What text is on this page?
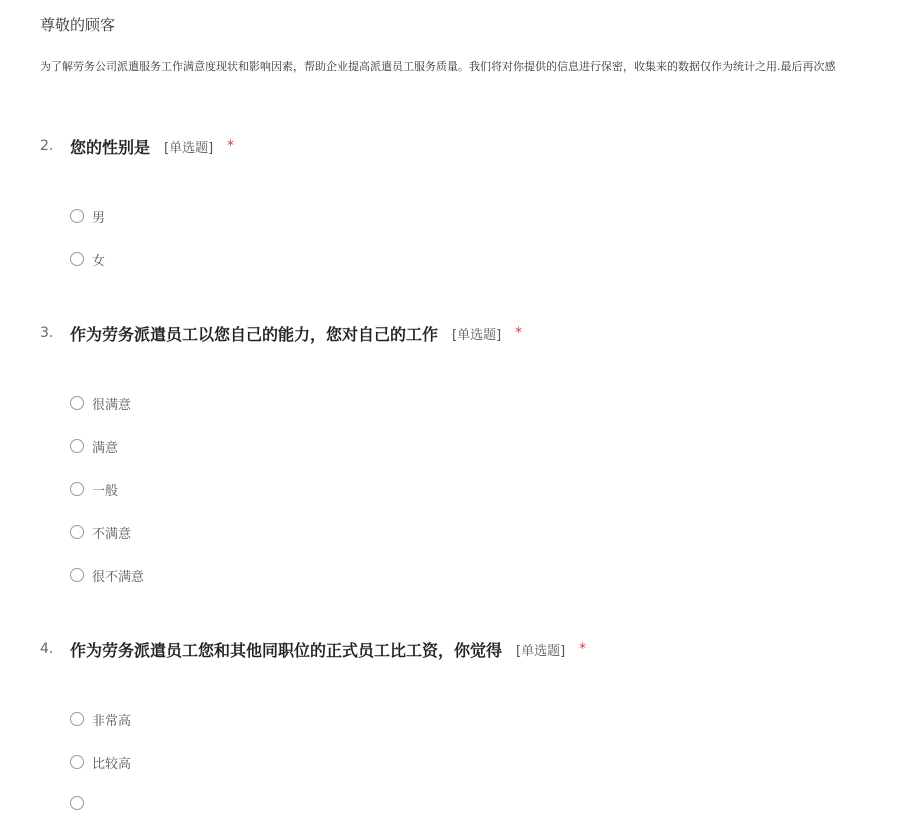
尊敬的顾客
为了解劳务公司派遣服务工作满意度现状和影响因素，帮助企业提高派遣员工服务质量。我们将对你提供的信息进行保密，收集来的数据仅作为统计之用.最后再次感
2.	您的性别是 [单选题] *
男
女
3.	作为劳务派遣员工以您自己的能力，您对自己的工作 [单选题] *
很满意
满意
一般
不满意
很不满意
4.	作为劳务派遣员工您和其他同职位的正式员工比工资，你觉得 [单选题] *
非常高
比较高
